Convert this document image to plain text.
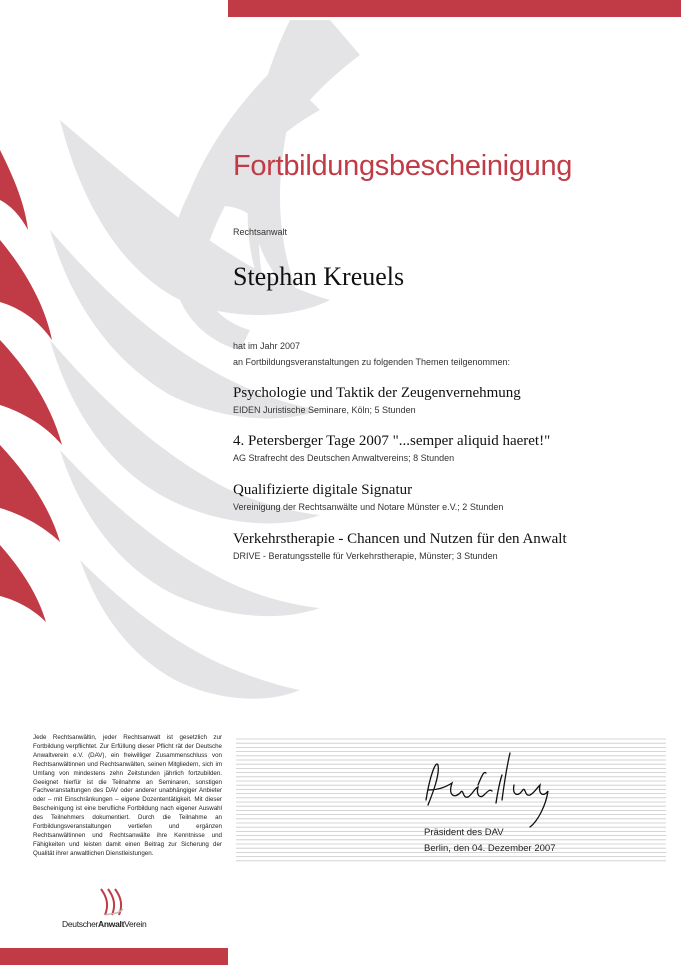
Fortbildungsbescheinigung
Rechtsanwalt
Stephan Kreuels
hat im Jahr 2007
an Fortbildungsveranstaltungen zu folgenden Themen teilgenommen:
Psychologie und Taktik der Zeugenvernehmung
EIDEN Juristische Seminare, Köln; 5 Stunden
4. Petersberger Tage 2007 "...semper aliquid haeret!"
AG Strafrecht des Deutschen Anwaltvereins; 8 Stunden
Qualifizierte digitale Signatur
Vereinigung der Rechtsanwälte und Notare Münster e.V.; 2 Stunden
Verkehrstherapie - Chancen und Nutzen für den Anwalt
DRIVE - Beratungsstelle für Verkehrstherapie, Münster; 3 Stunden
Jede Rechtsanwältin, jeder Rechtsanwalt ist gesetzlich zur Fortbildung verpflichtet. Zur Erfüllung dieser Pflicht rät der Deutsche Anwaltverein e.V. (DAV), ein freiwilliger Zusammenschluss von Rechtsanwältinnen und Rechtsanwälten, seinen Mitgliedern, sich im Umfang von mindestens zehn Zeitstunden jährlich fortzubilden. Geeignet hierfür ist die Teilnahme an Seminaren, sonstigen Fachveranstaltungen des DAV oder anderer unabhängiger Anbieter oder – mit Einschränkungen – eigene Dozententätigkeit. Mit dieser Bescheinigung ist eine berufliche Fortbildung nach eigener Auswahl des Teilnehmers dokumentiert. Durch die Teilnahme an Fortbildungsveranstaltungen vertiefen und ergänzen Rechtsanwältinnen und Rechtsanwälte ihre Kenntnisse und Fähigkeiten und leisten damit einen Beitrag zur Sicherung der Qualität ihrer anwaltlichen Dienstleistungen.
Präsident des DAV
Berlin, den 04. Dezember 2007
DeutscherAnwaltVerein
